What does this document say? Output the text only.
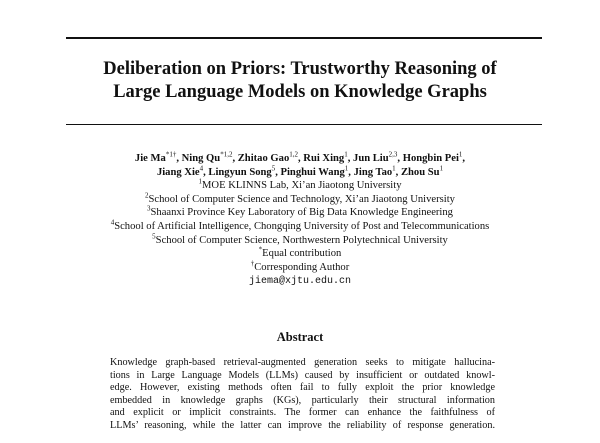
Deliberation on Priors: Trustworthy Reasoning of
Large Language Models on Knowledge Graphs
Jie $Ma^{*1\dagger}$, Ning Qu$^{*1,2}$, Zhitao Gao$^{1,2}$, Rui Xing$^1$, Jun Liu$^{2,3}$, Hongbin Pei$^1$,
Jiang Xie$^4$, Lingyun Song$^5$, Pinghui Wang$^1$, Jing Tao$^1$, Zhou Su$^1$
$^1$MOE KLINNS Lab, Xi’an Jiaotong University
$^2$School of Computer Science and Technology, Xi’an Jiaotong University
$^3$Shaanxi Province Key Laboratory of Big Data Knowledge Engineering
$^4$School of Artificial Intelligence, Chongqing University of Post and Telecommunications
$^5$School of Computer Science, Northwestern Polytechnical University
*Equal contribution
†Corresponding Author
jiema@xjtu.edu.cn
Abstract
Knowledge graph-based retrieval-augmented generation seeks to mitigate hallucina-
tions in Large Language Models (LLMs) caused by insufficient or outdated knowl-
edge. However, existing methods often fail to fully exploit the prior knowledge
embedded in knowledge graphs (KGs), particularly their structural information
and explicit or implicit constraints. The former can enhance the faithfulness of
LLMs’ reasoning, while the latter can improve the reliability of response generation.
